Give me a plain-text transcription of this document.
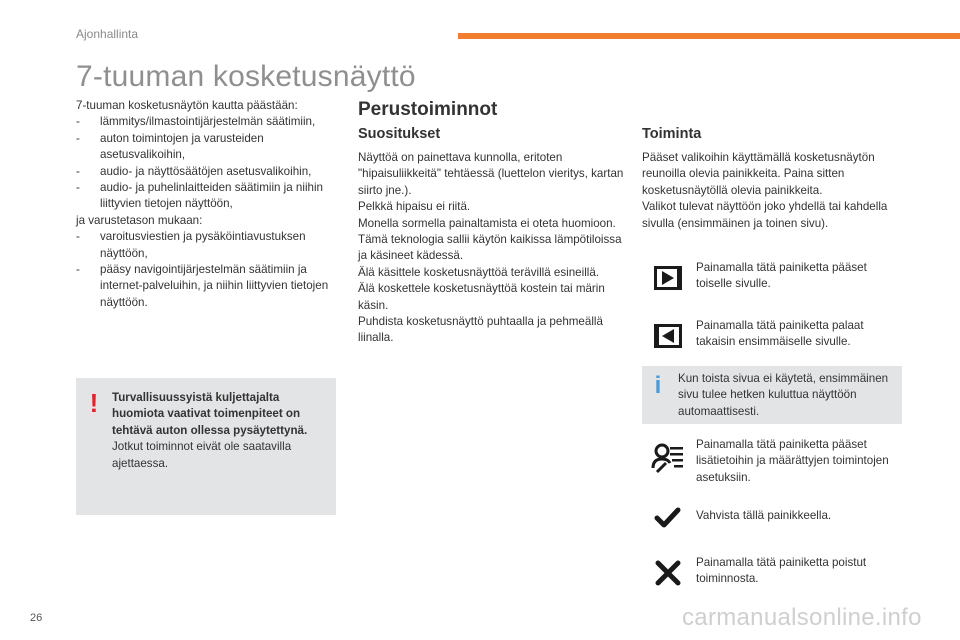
Ajonhallinta
7-tuuman kosketusnäyttö
7-tuuman kosketusnäytön kautta päästään:
- lämmitys/ilmastointijärjestelmän säätimiin,
- auton toimintojen ja varusteiden asetusvalikoihin,
- audio- ja näyttösäätöjen asetusvalikoihin,
- audio- ja puhelinlaitteiden säätimiin ja niihin liittyvien tietojen näyttöön,
ja varustetason mukaan:
- varoitusviestien ja pysäköintiavustuksen näyttöön,
- pääsy navigointijärjestelmän säätimiin ja internet-palveluihin, ja niihin liittyvien tietojen näyttöön.
! Turvallisuussyistä kuljettajalta huomiota vaativat toimenpiteet on tehtävä auton ollessa pysäytettynä.
Jotkut toiminnot eivät ole saatavilla ajettaessa.
Perustoiminnot
Suositukset	Toiminta
Näyttöä on painettava kunnolla, eritoten "hipaisuliikkeitä" tehtäessä (luettelon vieritys, kartan siirto jne.).
Pelkkä hipaisu ei riitä.
Monella sormella painaltamista ei oteta huomioon.
Tämä teknologia sallii käytön kaikissa lämpötiloissa ja käsineet kädessä.
Älä käsittele kosketusnäyttöä terävillä esineillä.
Älä koskettele kosketusnäyttöä kostein tai märin käsin.
Puhdista kosketusnäyttö puhtaalla ja pehmeällä liinalla.
Pääset valikoihin käyttämällä kosketusnäytön reunoilla olevia painikkeita. Paina sitten kosketusnäytöllä olevia painikkeita.
Valikot tulevat näyttöön joko yhdellä tai kahdella sivulla (ensimmäinen ja toinen sivu).
Painamalla tätä painiketta pääset toiselle sivulle.
Painamalla tätä painiketta palaat takaisin ensimmäiselle sivulle.
i	Kun toista sivua ei käytetä, ensimmäinen sivu tulee hetken kuluttua näyttöön automaattisesti.
Painamalla tätä painiketta pääset lisätietoihin ja määrättyjen toimintojen asetuksiin.
Vahvista tällä painikkeella.
Painamalla tätä painiketta poistut toiminnosta.
26	carmanualsonline.info
